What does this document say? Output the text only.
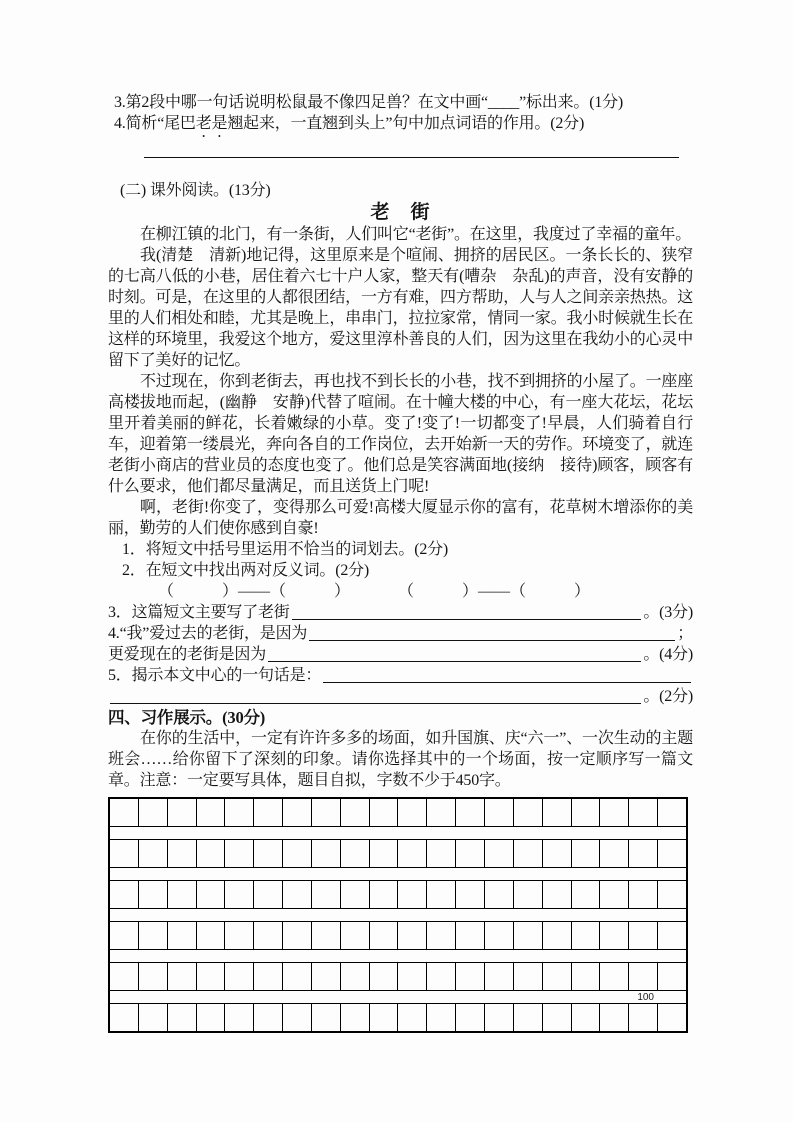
3.第2段中哪一句话说明松鼠最不像四足兽？在文中画“____”标出来。(1分)
4.简析“尾巴老是翘起来，一直翘到头上”句中加点词语的作用。(2分)
(二) 课外阅读。(13分)
老　街

在柳江镇的北门，有一条街，人们叫它“老街”。在这里，我度过了幸福的童年。

我(清楚　清新)地记得，这里原来是个喧闹、拥挤的居民区。一条长长的、狭窄的七高八低的小巷，居住着六七十户人家，整天有(嘈杂　杂乱)的声音，没有安静的时刻。可是，在这里的人都很团结，一方有难，四方帮助，人与人之间亲亲热热。这里的人们相处和睦，尤其是晚上，串串门，拉拉家常，情同一家。我小时候就生长在这样的环境里，我爱这个地方，爱这里淳朴善良的人们，因为这里在我幼小的心灵中留下了美好的记忆。

不过现在，你到老街去，再也找不到长长的小巷，找不到拥挤的小屋了。一座座高楼拔地而起，(幽静　安静)代替了喧闹。在十幢大楼的中心，有一座大花坛，花坛里开着美丽的鲜花，长着嫩绿的小草。变了!变了!一切都变了!早晨，人们骑着自行车，迎着第一缕晨光，奔向各自的工作岗位，去开始新一天的劳作。环境变了，就连老街小商店的营业员的态度也变了。他们总是笑容满面地(接纳　接待)顾客，顾客有什么要求，他们都尽量满足，而且送货上门呢!

啊，老街!你变了，变得那么可爱!高楼大厦显示你的富有，花草树木增添你的美丽，勤劳的人们使你感到自豪!

1．将短文中括号里运用不恰当的词划去。(2分)
2．在短文中找出两对反义词。(2分)
（　　　）——（　　　）　　　　（　　　）——（　　　）
3．这篇短文主要写了老街	。(3分)
4.“我”爱过去的老街，是因为	；
更爱现在的老街是因为	。(4分)
5．揭示本文中心的一句话是：
。(2分)
四、习作展示。(30分)

在你的生活中，一定有许许多多的场面，如升国旗、庆“六一”、一次生动的主题班会……给你留下了深刻的印象。请你选择其中的一个场面，按一定顺序写一篇文章。注意：一定要写具体，题目自拟，字数不少于450字。

100
